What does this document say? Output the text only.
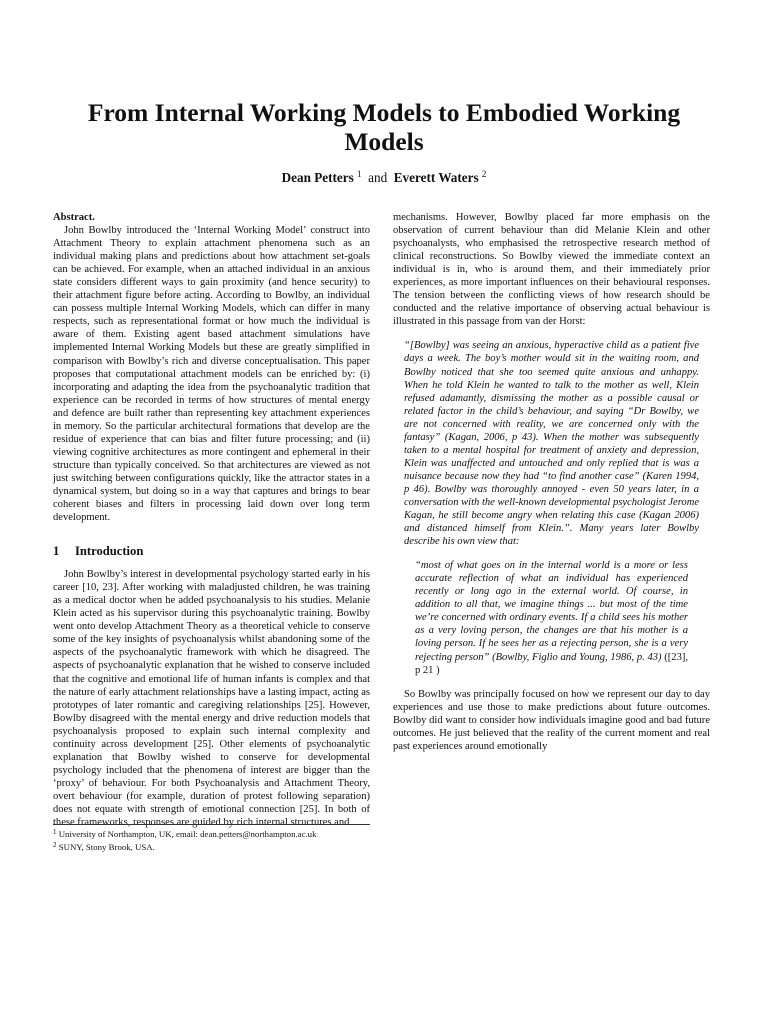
From Internal Working Models to Embodied Working Models
Dean Petters $^1$ and Everett Waters $^2$

Abstract.

John Bowlby introduced the ‘Internal Working Model’ construct into Attachment Theory to explain attachment phenomena such as an individual making plans and predictions about how attachment set-goals can be achieved. For example, when an attached individual in an anxious state considers different ways to gain proximity (and hence security) to their attachment figure before acting. According to Bowlby, an individual can possess multiple Internal Working Models, which can differ in many respects, such as representational format or how much the individual is aware of them. Existing agent based attachment simulations have implemented Internal Working Models but these are greatly simplified in comparison with Bowlby’s rich and diverse conceptualisation. This paper proposes that computational attachment models can be enriched by: (i) incorporating and adapting the idea from the psychoanalytic tradition that experience can be recorded in terms of how structures of mental energy and defence are built rather than representing key attachment experiences in memory. So the particular architectural formations that develop are the residue of experience that can bias and filter future processing; and (ii) viewing cognitive architectures as more contingent and ephemeral in their structure than typically conceived. So that architectures are viewed as not just switching between configurations quickly, like the attractor states in a dynamical system, but doing so in a way that captures and brings to bear coherent biases and filters in processing laid down over long term development.

1 Introduction

John Bowlby’s interest in developmental psychology started early in his career [10, 23]. After working with maladjusted children, he was training as a medical doctor when he added psychoanalysis to his studies. Melanie Klein acted as his supervisor during this psychoanalytic training. Bowlby went onto develop Attachment Theory as a theoretical vehicle to conserve some of the key insights of psychoanalysis whilst abandoning some of the aspects of the psychoanalytic framework with which he disagreed. The aspects of psychoanalytic explanation that he wished to conserve included that the cognitive and emotional life of human infants is complex and that the nature of early attachment relationships have a lasting impact, acting as prototypes of later romantic and caregiving relationships [25]. However, Bowlby disagreed with the mental energy and drive reduction models that psychoanalysis proposed to explain such internal complexity and continuity across development [25]. Other elements of psychoanalytic explanation that Bowlby wished to conserve for developmental psychology included that the phenomena of interest are bigger than the ‘proxy’ of behaviour. For both Psychoanalysis and Attachment Theory, overt behaviour (for example, duration of protest following separation) does not equate with strength of emotional connection [25]. In both of these frameworks, responses are guided by rich internal structures and

mechanisms. However, Bowlby placed far more emphasis on the observation of current behaviour than did Melanie Klein and other psychoanalysts, who emphasised the retrospective research method of clinical reconstructions. So Bowlby viewed the immediate context an individual is in, who is around them, and their immediately prior experiences, as more important influences on their behavioural responses. The tension between the conflicting views of how research should be conducted and the relative importance of observing actual behaviour is illustrated in this passage from van der Horst:

“[Bowlby] was seeing an anxious, hyperactive child as a patient five days a week. The boy’s mother would sit in the waiting room, and Bowlby noticed that she too seemed quite anxious and unhappy. When he told Klein he wanted to talk to the mother as well, Klein refused adamantly, dismissing the mother as a possible causal or related factor in the child’s behaviour, and saying “Dr Bowlby, we are not concerned with reality, we are concerned only with the fantasy” (Kagan, 2006, p 43). When the mother was subsequently taken to a mental hospital for treatment of anxiety and depression, Klein was unaffected and untouched and only replied that is was a nuisance because now they had “to find another case” (Karen 1994, p 46). Bowlby was thoroughly annoyed - even 50 years later, in a conversation with the well-known developmental psychologist Jerome Kagan, he still become angry when relating this case (Kagan 2006) and distanced himself from Klein.”. Many years later Bowlby describe his own view that:

“most of what goes on in the internal world is a more or less accurate reflection of what an individual has experienced recently or long ago in the external world. Of course, in addition to all that, we imagine things ... but most of the time we’re concerned with ordinary events. If a child sees his mother as a very loving person, the changes are that his mother is a loving person. If he sees her as a rejecting person, she is a very rejecting person” (Bowlby, Figlio and Young, 1986, p. 43) ([23], p 21 )

So Bowlby was principally focused on how we represent our day to day experiences and use those to make predictions about future outcomes. Bowlby did want to consider how individuals imagine good and bad future outcomes. He just believed that the reality of the current moment and real past experiences around emotionally

$^1$ University of Northampton, UK, email: dean.petters@northampton.ac.uk

$^2$ SUNY, Stony Brook, USA.
